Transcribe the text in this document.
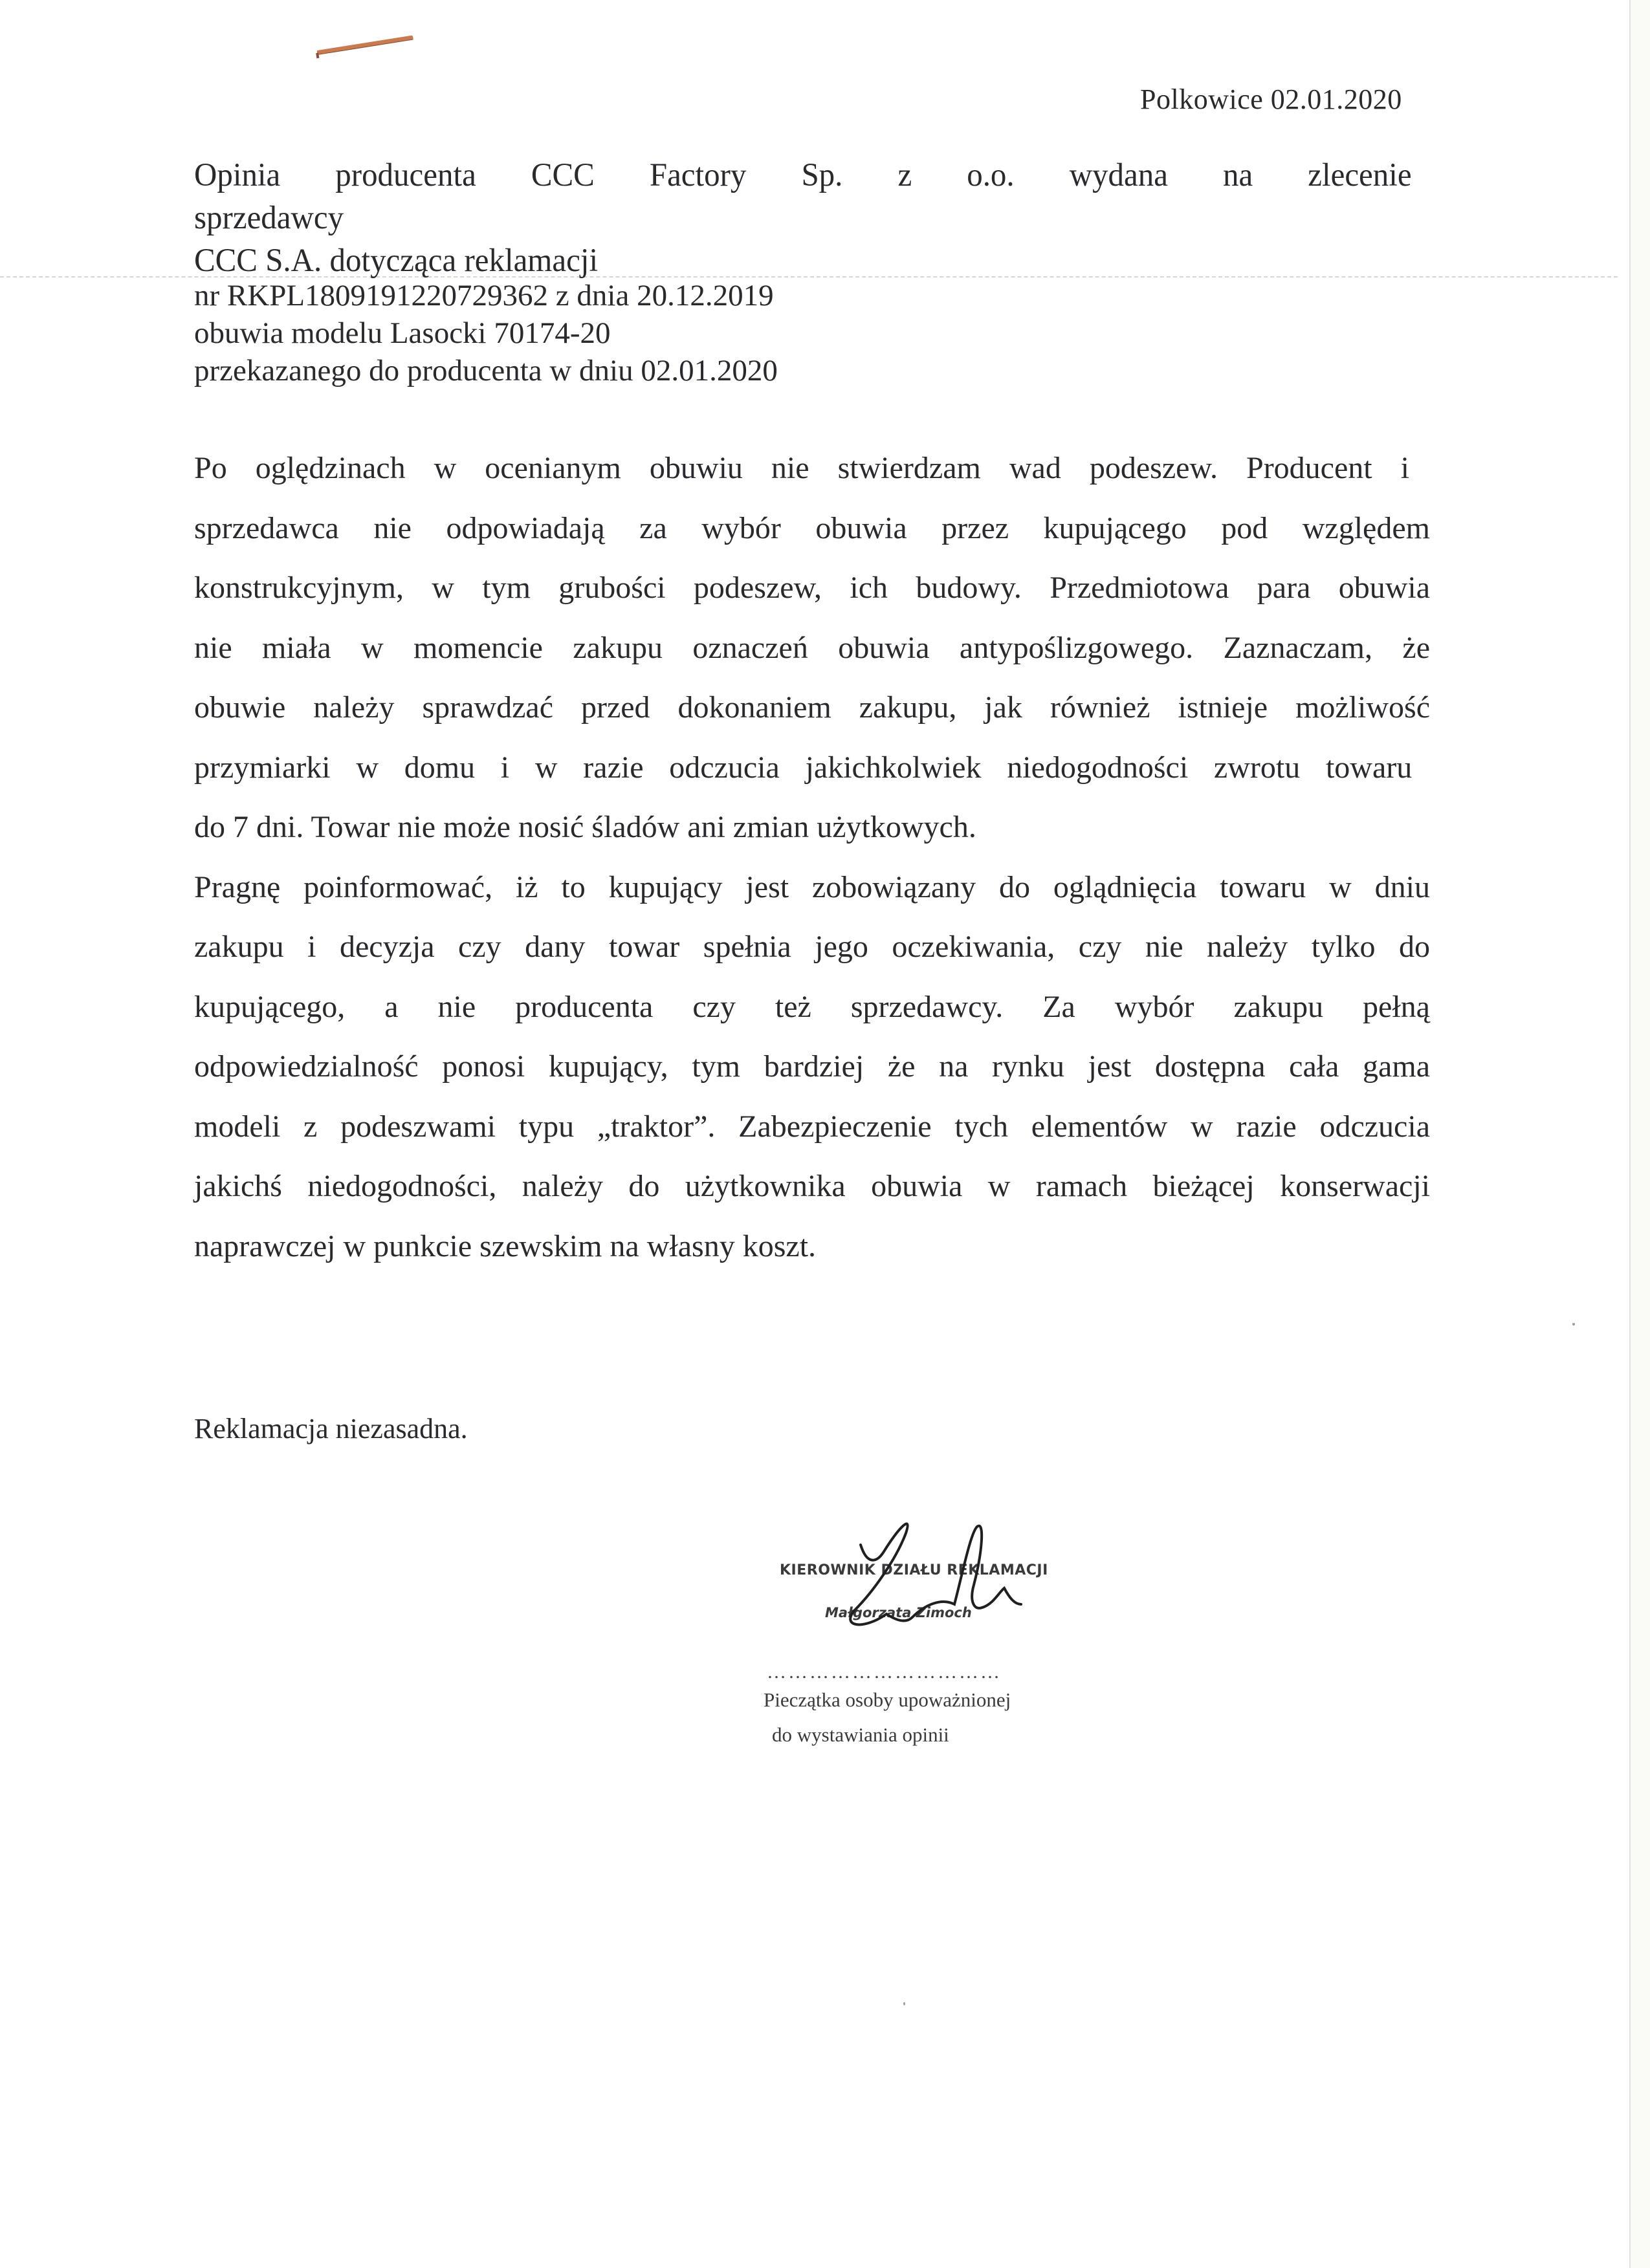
Polkowice 02.01.2020
Opinia producenta CCC Factory Sp. z o.o. wydana na zlecenie sprzedawcy
CCC S.A. dotycząca reklamacji
nr RKPL1809191220729362 z dnia 20.12.2019
obuwia modelu Lasocki 70174-20
przekazanego do producenta w dniu 02.01.2020

Po oględzinach w ocenianym obuwiu nie stwierdzam wad podeszew. Producent i
sprzedawca nie odpowiadają za wybór obuwia przez kupującego pod względem
konstrukcyjnym, w tym grubości podeszew, ich budowy. Przedmiotowa para obuwia
nie miała w momencie zakupu oznaczeń obuwia antypoślizgowego. Zaznaczam, że
obuwie należy sprawdzać przed dokonaniem zakupu, jak również istnieje możliwość
przymiarki w domu i w razie odczucia jakichkolwiek niedogodności zwrotu towaru
do 7 dni. Towar nie może nosić śladów ani zmian użytkowych.

Pragnę poinformować, iż to kupujący jest zobowiązany do oglądnięcia towaru w dniu
zakupu i decyzja czy dany towar spełnia jego oczekiwania, czy nie należy tylko do
kupującego, a nie producenta czy też sprzedawcy. Za wybór zakupu pełną
odpowiedzialność ponosi kupujący, tym bardziej że na rynku jest dostępna cała gama
modeli z podeszwami typu „traktor”. Zabezpieczenie tych elementów w razie odczucia
jakichś niedogodności, należy do użytkownika obuwia w ramach bieżącej konserwacji
naprawczej w punkcie szewskim na własny koszt.

Reklamacja niezasadna.
KIEROWNIK DZIAŁU REKLAMACJI
Małgorzata Zimoch
……………………………
Pieczątka osoby upoważnionej
do wystawiania opinii
